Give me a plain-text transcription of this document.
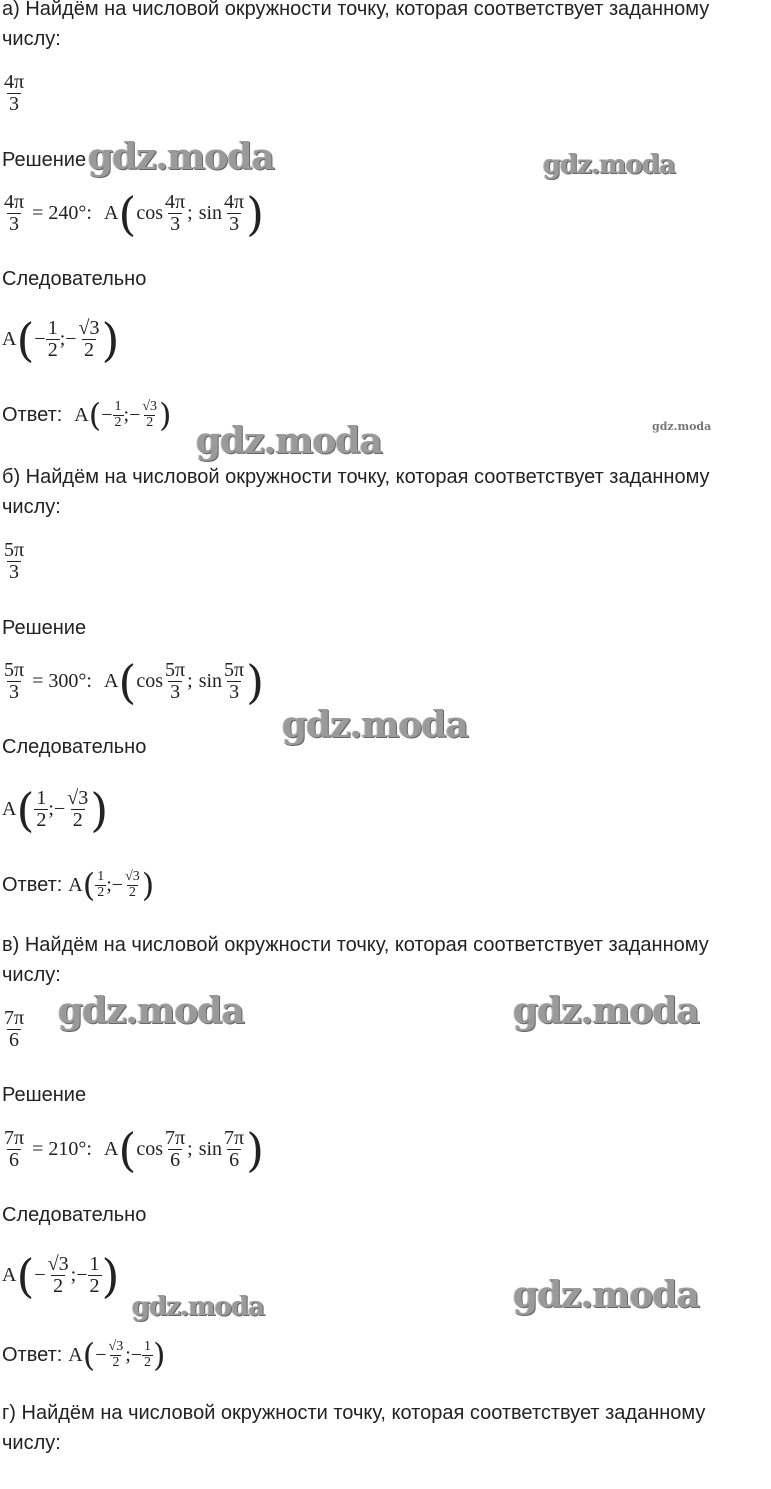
а) Найдём на числовой окружности точку, которая соответствует заданному
числу:
$\frac{4\pi}{3}$
Решение
$\frac{4\pi}{3} = 240^\circ$: A ( $\cos \frac{4\pi}{3}$ ; $\sin \frac{4\pi}{3}$ )
Следовательно
A ( − $\frac{1}{2}$ ; − $\frac{√3}{2}$ )
Ответ: A ( − $\frac{1}{2}$ ; − $\frac{√3}{2}$ )
б) Найдём на числовой окружности точку, которая соответствует заданному
числу:
$\frac{5\pi}{3}$
Решение
$\frac{5\pi}{3} = 300^\circ$: A ( $\cos \frac{5\pi}{3}$ ; $\sin \frac{5\pi}{3}$ )
Следовательно
A ( $\frac{1}{2}$ ; − $\frac{√3}{2}$ )
Ответ: A ( $\frac{1}{2}$ ; − $\frac{√3}{2}$ )
в) Найдём на числовой окружности точку, которая соответствует заданному
числу:
$\frac{7\pi}{6}$
Решение
$\frac{7\pi}{6} = 210^\circ$: A ( $\cos \frac{7\pi}{6}$ ; $\sin \frac{7\pi}{6}$ )
Следовательно
A ( − $\frac{√3}{2}$ ; − $\frac{1}{2}$ )
Ответ: A ( − $\frac{√3}{2}$ ; − $\frac{1}{2}$ )
г) Найдём на числовой окружности точку, которая соответствует заданному
числу:
gdz.moda	gdz.moda
gdz.moda	gdz.moda
gdz.moda
gdz.moda	gdz.moda
gdz.moda	gdz.moda
